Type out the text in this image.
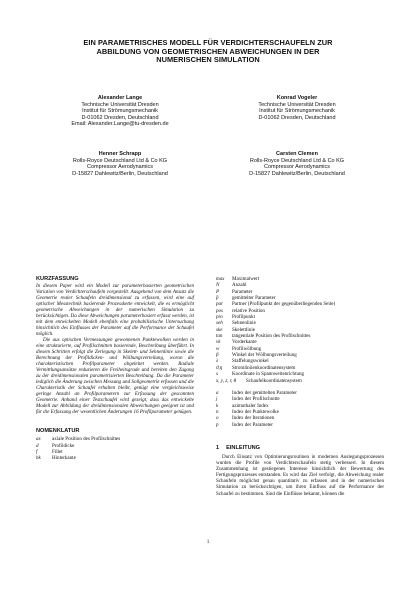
EIN PARAMETRISCHES MODELL FÜR VERDICHTERSCHAUFELN ZUR
ABBILDUNG VON GEOMETRISCHEN ABWEICHUNGEN IN DER
NUMERISCHEN SIMULATION
Alexander Lange
Technische Universität Dresden
Institut für Strömungsmechanik
D-01062 Dresden, Deutschland
Email: Alexander.Lange@tu-dresden.de
Konrad Vogeler
Technische Universität Dresden
Institut für Strömungsmechanik
D-01062 Dresden, Deutschland
Henner Schrapp
Rolls-Royce Deutschland Ltd & Co KG
Compressor Aerodynamics
D-15827 Dahlewitz/Berlin, Deutschland
Carsten Clemen
Rolls-Royce Deutschland Ltd & Co KG
Compressor Aerodynamics
D-15827 Dahlewitz/Berlin, Deutschland
KURZFASSUNG

In diesem Paper wird ein Modell zur parameterbasierten geometrischen Variation von Verdichterschaufeln vorgestellt. Ausgehend von dem Ansatz die Geometrie realer Schaufeln dreidimensional zu erfassen, wird eine auf optischer Messtechnik basierende Prozesskette entwickelt, die es ermöglicht geometrische Abweichungen in der numerischen Simulation zu berücksichtigen. Da diese Abweichungen parameterbasiert erfasst werden, ist mit dem entwickelten Modell ebenfalls eine probabilistische Untersuchung hinsichtlich des Einflusses der Parameter auf die Performance der Schaufel möglich.

Die aus optischen Vermessungen gewonnenen Punktewolken werden in eine strukturierte, auf Profilschnitten basierende, Beschreibung überführt. In diesem Schritten erfolgt die Zerlegung in Skelett- und Sehnenlinie sowie die Berechnung der Profildicken- und Wölbungsverteilung, woran die charakteristischen Profilparameter abgeleitet werden. Radiale Vermittlungsansätze reduzieren die Freiheitsgrade und bereiten den Zugang zu der dreidimensionalen parametrisierten Beschreibung. Da die Parameter lediglich die Änderung zwischen Messung und Sollgeometrie erfassen und die Charakteristik der Schaufel erhalten bleibt, genügt eine vergleichsweise geringe Anzahl an Profilparametern zur Erfassung der gescannten Geometrie. Anhand einer Testschaufel wird gezeigt, dass das entwickelte Modell zur Abbildung der dreidimensionalen Abweichungen geeignet ist und für die Erfassung der wesentlichen Änderungen 16 Profilparameter genügen.

NOMENKLATUR
ax	axiale Position des Profilschnittes
d	Profildicke
f	Fillet
hk	Hinterkante
max	Maximalwert
N	Anzahl
P	Parameter
p̂	gemittelter Parameter
par	Partner (Profilpunkt der gegenüberliegenden Seite)
pos	relative Position
pro	Profilpunkt
seh	Sehnenlinie
ske	Skelettlinie
tan	tangentiale Position des Profilschnittes
vk	Vorderkante
w	Profilwölbung
β	Winkel der Wölbungsverteilung
λ	Staffelungswinkel
ϑ,η	Stromliniienkoordinatensystem
s	Koordinate in Spannweitenrichtung
x, y, z, r, θ	Schaufelkoordinatensystem
a	Index der gemittelten Parameter
j	Index der Profilschnitte
k	azimuthaler Index
n	Index der Punktewolke
o	Index der Iterationen
p	Index der Parameter
1 EINLEITUNG

Durch Einsatz von Optimierungsroutinen in modernen Auslegungsprozessen wurden die Profile von Verdichterschaufeln stetig verbessert. In diesem Zusammenhang ist gestiegenes Interesse hinsichtlich der Bewertung des Fertigungsprozesses entstanden. Es wird das Ziel verfolgt, die Abweichung realer Schaufeln möglichst genau quantitativ zu erfassen und in der numerischen Simulation zu berücksichtigen, um ihren Einfluss auf die Performance der Schaufel zu bestimmen. Sind die Einflüsse bekannt, können die

1
